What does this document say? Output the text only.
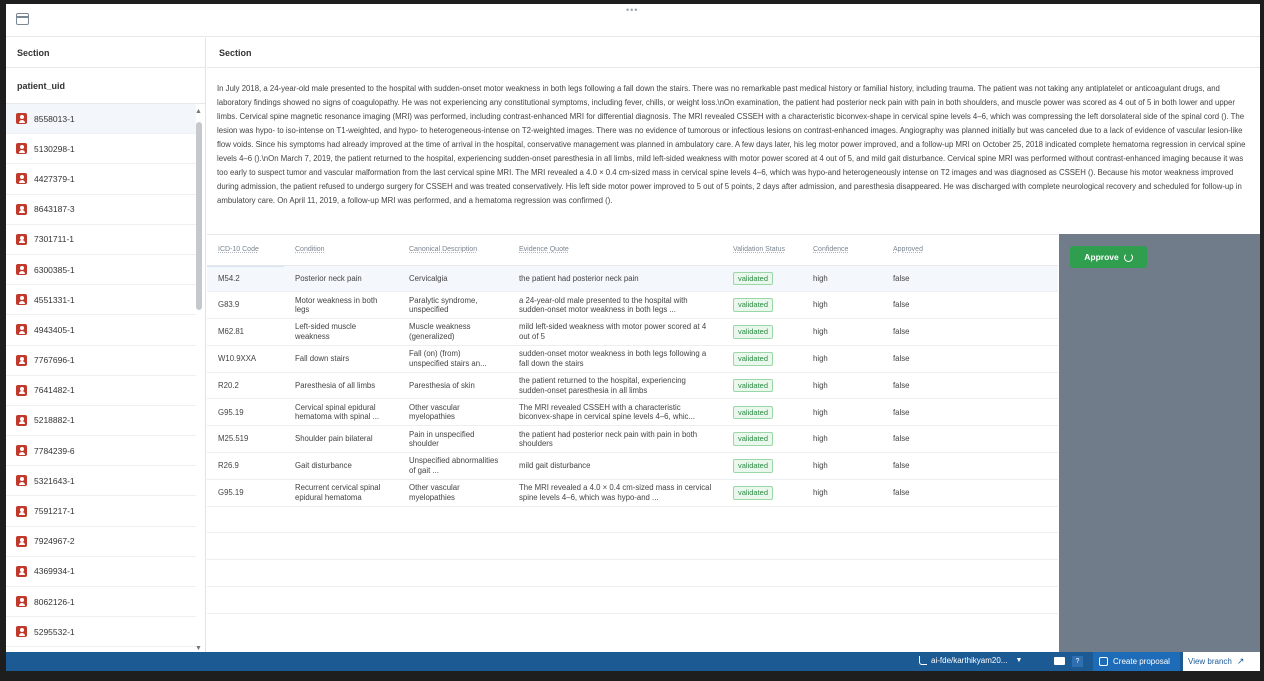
•••
Section
patient_uid
8558013-1
5130298-1
4427379-1
8643187-3
7301711-1
6300385-1
4551331-1
4943405-1
7767696-1
7641482-1
5218882-1
7784239-6
5321643-1
7591217-1
7924967-2
4369934-1
8062126-1
5295532-1
▲
▼
Section
In July 2018, a 24-year-old male presented to the hospital with sudden-onset motor weakness in both legs following a fall down the stairs. There was no remarkable past medical history or familial history, including trauma. The patient was not taking any antiplatelet or anticoagulant drugs, and laboratory findings showed no signs of coagulopathy. He was not experiencing any constitutional symptoms, including fever, chills, or weight loss.\nOn examination, the patient had posterior neck pain with pain in both shoulders, and muscle power was scored as 4 out of 5 in both lower and upper limbs. Cervical spine magnetic resonance imaging (MRI) was performed, including contrast-enhanced MRI for differential diagnosis. The MRI revealed CSSEH with a characteristic biconvex-shape in cervical spine levels 4–6, which was compressing the left dorsolateral side of the spinal cord (). The lesion was hypo- to iso-intense on T1-weighted, and hypo- to heterogeneous-intense on T2-weighted images. There was no evidence of tumorous or infectious lesions on contrast-enhanced images. Angiography was planned initially but was canceled due to a lack of evidence of vascular lesion-like flow voids. Since his symptoms had already improved at the time of arrival in the hospital, conservative management was planned in ambulatory care. A few days later, his leg motor power improved, and a follow-up MRI on October 25, 2018 indicated complete hematoma regression in cervical spine levels 4–6 ().\nOn March 7, 2019, the patient returned to the hospital, experiencing sudden-onset paresthesia in all limbs, mild left-sided weakness with motor power scored at 4 out of 5, and mild gait disturbance. Cervical spine MRI was performed without contrast-enhanced imaging because it was too early to suspect tumor and vascular malformation from the last cervical spine MRI. The MRI revealed a 4.0 × 0.4 cm-sized mass in cervical spine levels 4–6, which was hypo-and heterogeneously intense on T2 images and was diagnosed as CSSEH (). Because his motor weakness improved during admission, the patient refused to undergo surgery for CSSEH and was treated conservatively. His left side motor power improved to 5 out of 5 points, 2 days after admission, and paresthesia disappeared. He was discharged with complete neurological recovery and scheduled for follow-up in ambulatory care. On April 11, 2019, a follow-up MRI was performed, and a hematoma regression was confirmed ().
ICD-10 Code	Condition	Canonical Description	Evidence Quote	Validation Status	Confidence	Approved

M54.2	Posterior neck pain	Cervicalgia	the patient had posterior neck pain	validated	high	false

G83.9	Motor weakness in both legs	Paralytic syndrome, unspecified	a 24-year-old male presented to the hospital with sudden-onset motor weakness in both legs ...	validated	high	false

M62.81	Left-sided muscle weakness	Muscle weakness (generalized)	mild left-sided weakness with motor power scored at 4 out of 5	validated	high	false

W10.9XXA	Fall down stairs	Fall (on) (from) unspecified stairs an...	sudden-onset motor weakness in both legs following a fall down the stairs	validated	high	false

R20.2	Paresthesia of all limbs	Paresthesia of skin	the patient returned to the hospital, experiencing sudden-onset paresthesia in all limbs	validated	high	false

G95.19	Cervical spinal epidural hematoma with spinal ...	Other vascular myelopathies	The MRI revealed CSSEH with a characteristic biconvex-shape in cervical spine levels 4–6, whic...	validated	high	false

M25.519	Shoulder pain bilateral	Pain in unspecified shoulder	the patient had posterior neck pain with pain in both shoulders	validated	high	false

R26.9	Gait disturbance	Unspecified abnormalities of gait ...	mild gait disturbance	validated	high	false

G95.19	Recurrent cervical spinal epidural hematoma	Other vascular myelopathies	The MRI revealed a 4.0 × 0.4 cm-sized mass in cervical spine levels 4–6, which was hypo-and ...	validated	high	false

Approve
ai-fde/karthikyam20... ▼	?	Create proposal View branch ↗
